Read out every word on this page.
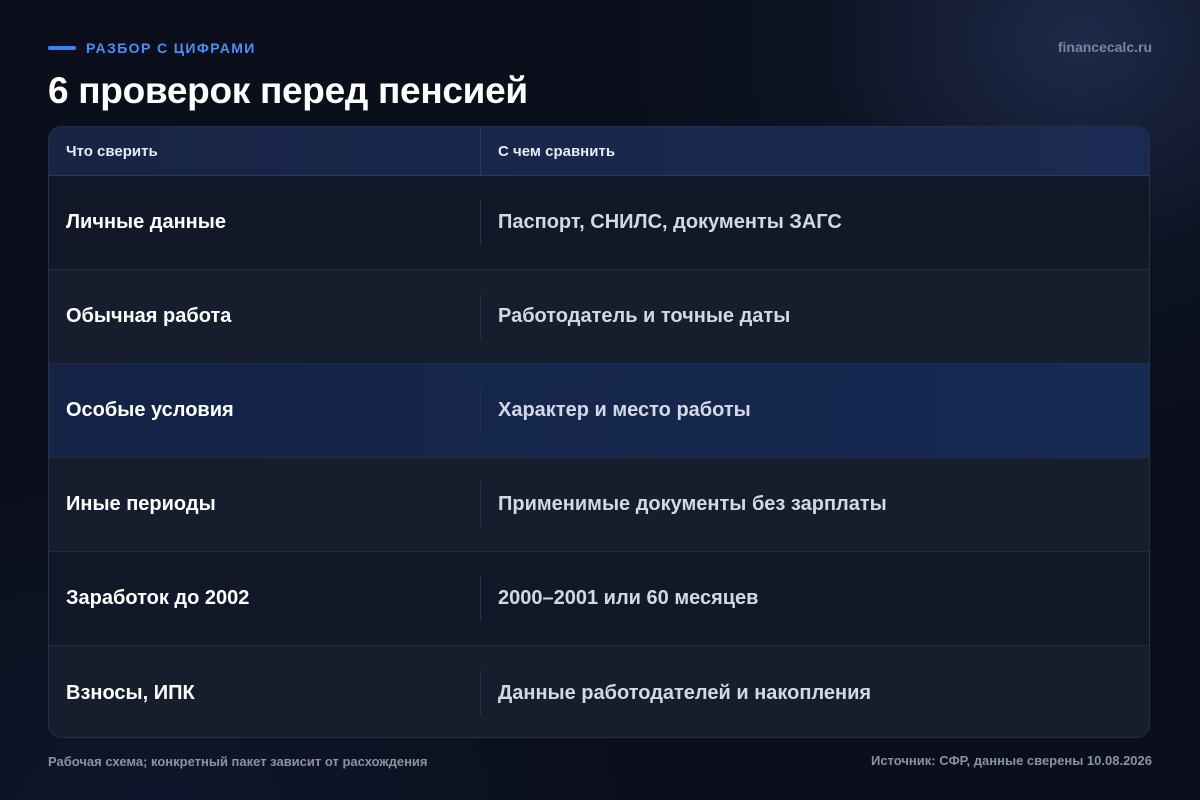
РАЗБОР С ЦИФРАМИ	financecalc.ru
6 проверок перед пенсией
Что сверить	С чем сравнить
Личные данные	Паспорт, СНИЛС, документы ЗАГС
Обычная работа	Работодатель и точные даты
Особые условия	Характер и место работы
Иные периоды	Применимые документы без зарплаты
Заработок до 2002	2000–2001 или 60 месяцев
Взносы, ИПК	Данные работодателей и накопления
Рабочая схема; конкретный пакет зависит от расхождения	Источник: СФР, данные сверены 10.08.2026
